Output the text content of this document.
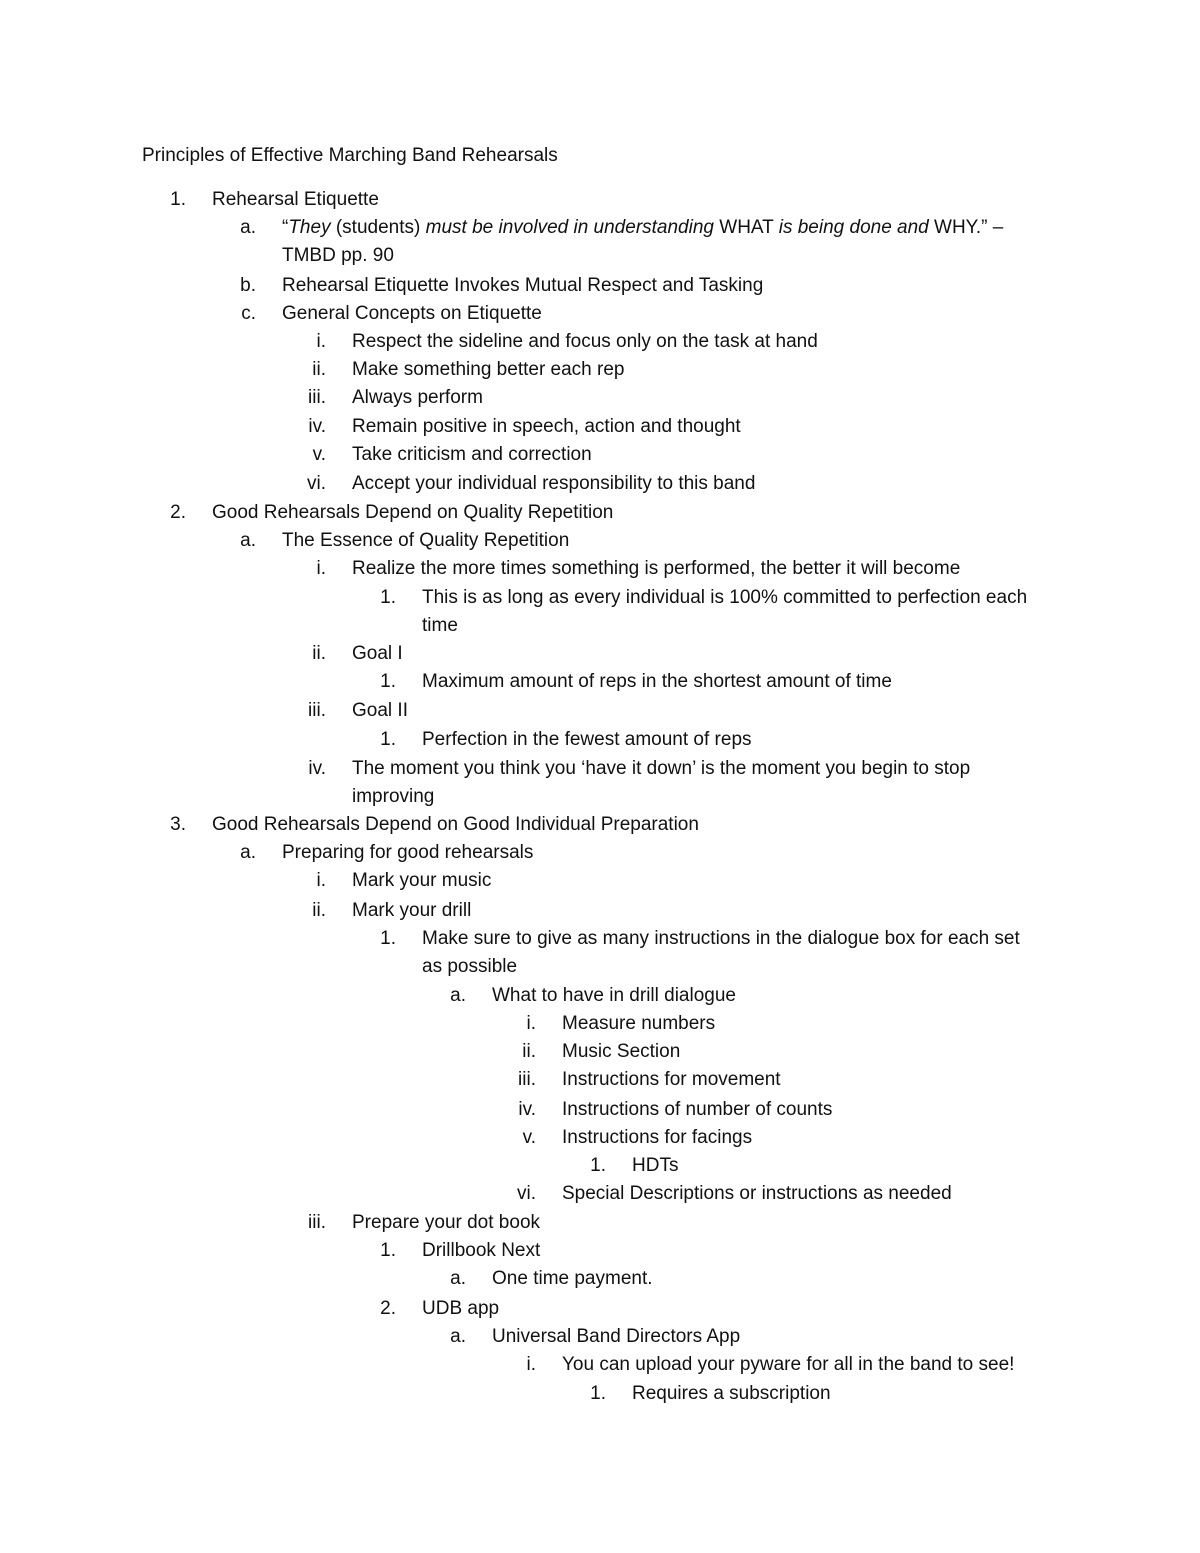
Principles of Effective Marching Band Rehearsals
1. Rehearsal Etiquette
a. “They (students) must be involved in understanding WHAT is being done and WHY.” –
TMBD pp. 90
b. Rehearsal Etiquette Invokes Mutual Respect and Tasking
c. General Concepts on Etiquette
i. Respect the sideline and focus only on the task at hand
ii. Make something better each rep
iii. Always perform
iv. Remain positive in speech, action and thought
v. Take criticism and correction
vi. Accept your individual responsibility to this band
2. Good Rehearsals Depend on Quality Repetition
a. The Essence of Quality Repetition
i. Realize the more times something is performed, the better it will become
1. This is as long as every individual is 100% committed to perfection each
time
ii. Goal I
1. Maximum amount of reps in the shortest amount of time
iii. Goal II
1. Perfection in the fewest amount of reps
iv. The moment you think you ‘have it down’ is the moment you begin to stop
improving
3. Good Rehearsals Depend on Good Individual Preparation
a. Preparing for good rehearsals
i. Mark your music
ii. Mark your drill
1. Make sure to give as many instructions in the dialogue box for each set
as possible
a. What to have in drill dialogue
i. Measure numbers
ii. Music Section
iii. Instructions for movement
iv. Instructions of number of counts
v. Instructions for facings
1. HDTs
vi. Special Descriptions or instructions as needed
iii. Prepare your dot book
1. Drillbook Next
a. One time payment.
2. UDB app
a. Universal Band Directors App
i. You can upload your pyware for all in the band to see!
1. Requires a subscription
